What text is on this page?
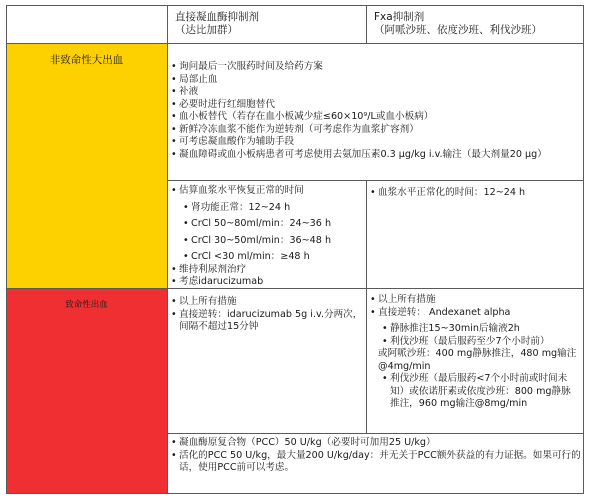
直接凝血酶抑制剂
（达比加群）
Fxa抑制剂
（阿哌沙班、依度沙班、利伐沙班）
非致命性大出血
致命性出血
• 询问最后一次服药时间及给药方案
• 局部止血
• 补液
• 必要时进行红细胞替代
• 血小板替代（若存在血小板减少症≤60×10⁹/L或血小板病）
• 新鲜冷冻血浆不能作为逆转剂（可考虑作为血浆扩容剂）
• 可考虑凝血酸作为辅助手段
• 凝血障碍或血小板病患者可考虑使用去氨加压素0.3 μg/kg i.v.输注（最大剂量20 μg）
• 估算血浆水平恢复正常的时间
• 肾功能正常：12~24 h
• CrCl 50~80ml/min：24~36 h
• CrCl 30~50ml/min：36~48 h
• CrCl <30 ml/min：≥48 h
• 维持利尿剂治疗
• 考虑idarucizumab
• 血浆水平正常化的时间：12~24 h
• 以上所有措施
• 直接逆转：idarucizumab 5g i.v.分两次，间隔不超过15分钟
• 以上所有措施
• 直接逆转： Andexanet alpha
• 静脉推注15~30min后输液2h
• 利伐沙班（最后服药至少7个小时前）
或阿哌沙班：400 mg静脉推注，480 mg输注@4mg/min
• 利伐沙班（最后服药<7个小时前或时间未知）或依诺肝素或依度沙班：800 mg静脉推注，960 mg输注@8mg/min
• 凝血酶原复合物（PCC）50 U/kg（必要时可加用25 U/kg）
• 活化的PCC 50 U/kg，最大量200 U/kg/day：并无关于PCC额外获益的有力证据。如果可行的话，使用PCC前可以考虑。
